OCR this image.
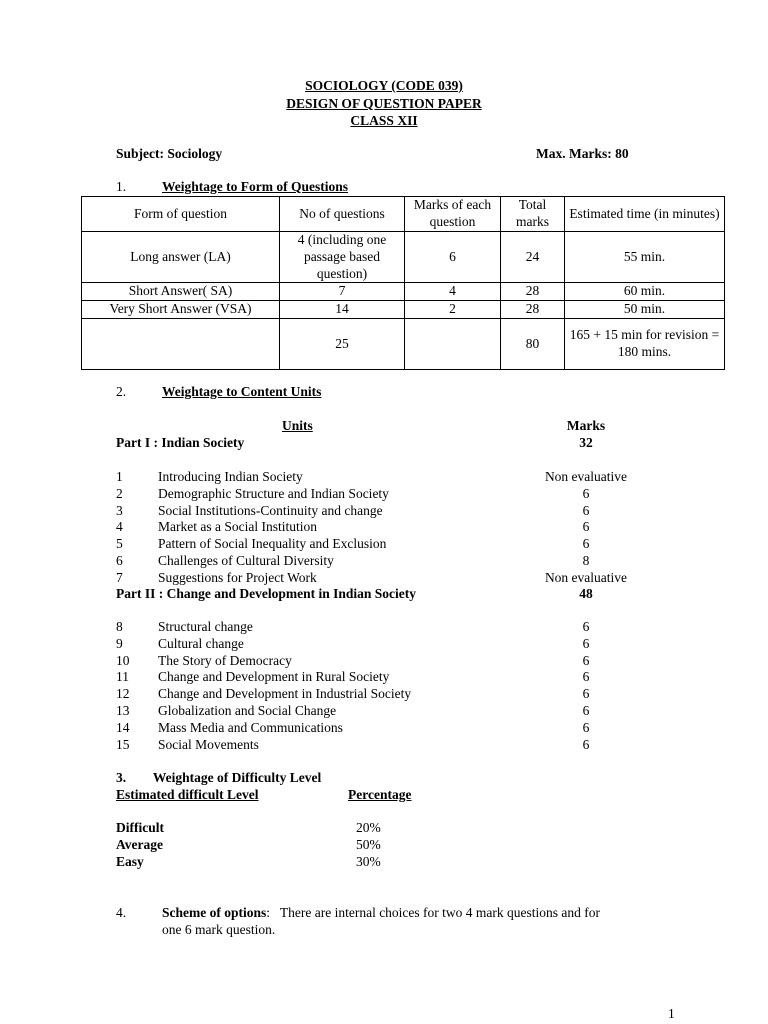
SOCIOLOGY (CODE 039)
DESIGN OF QUESTION PAPER
CLASS XII
Subject: Sociology	Max. Marks: 80
1.	Weightage to Form of Questions
Form of question	No of questions	Marks of each question	Total marks	Estimated time (in minutes)
Long answer (LA)	4 (including one passage based question)	6	24	55 min.
Short Answer( SA)	7	4	28	60 min.
Very Short Answer (VSA)	14	2	28	50 min.
	25		80	165 + 15 min for revision = 180 mins.
2.	Weightage to Content Units
Units	Marks
Part I : Indian Society	32
1	Introducing Indian Society	Non evaluative
2	Demographic Structure and Indian Society	6
3	Social Institutions-Continuity and change	6
4	Market as a Social Institution	6
5	Pattern of Social Inequality and Exclusion	6
6	Challenges of Cultural Diversity	8
7	Suggestions for Project Work	Non evaluative
Part II : Change and Development in Indian Society	48
8	Structural change	6
9	Cultural change	6
10 The Story of Democracy	6
11 Change and Development in Rural Society	6
12 Change and Development in Industrial Society	6
13 Globalization and Social Change	6
14 Mass Media and Communications	6
15 Social Movements	6
3.        Weightage of Difficulty Level
Estimated difficult Level	Percentage
Difficult	20%
Average	50%
Easy	30%
4.	Scheme of options:   There are internal choices for two 4 mark questions and for
one 6 mark question.
1
